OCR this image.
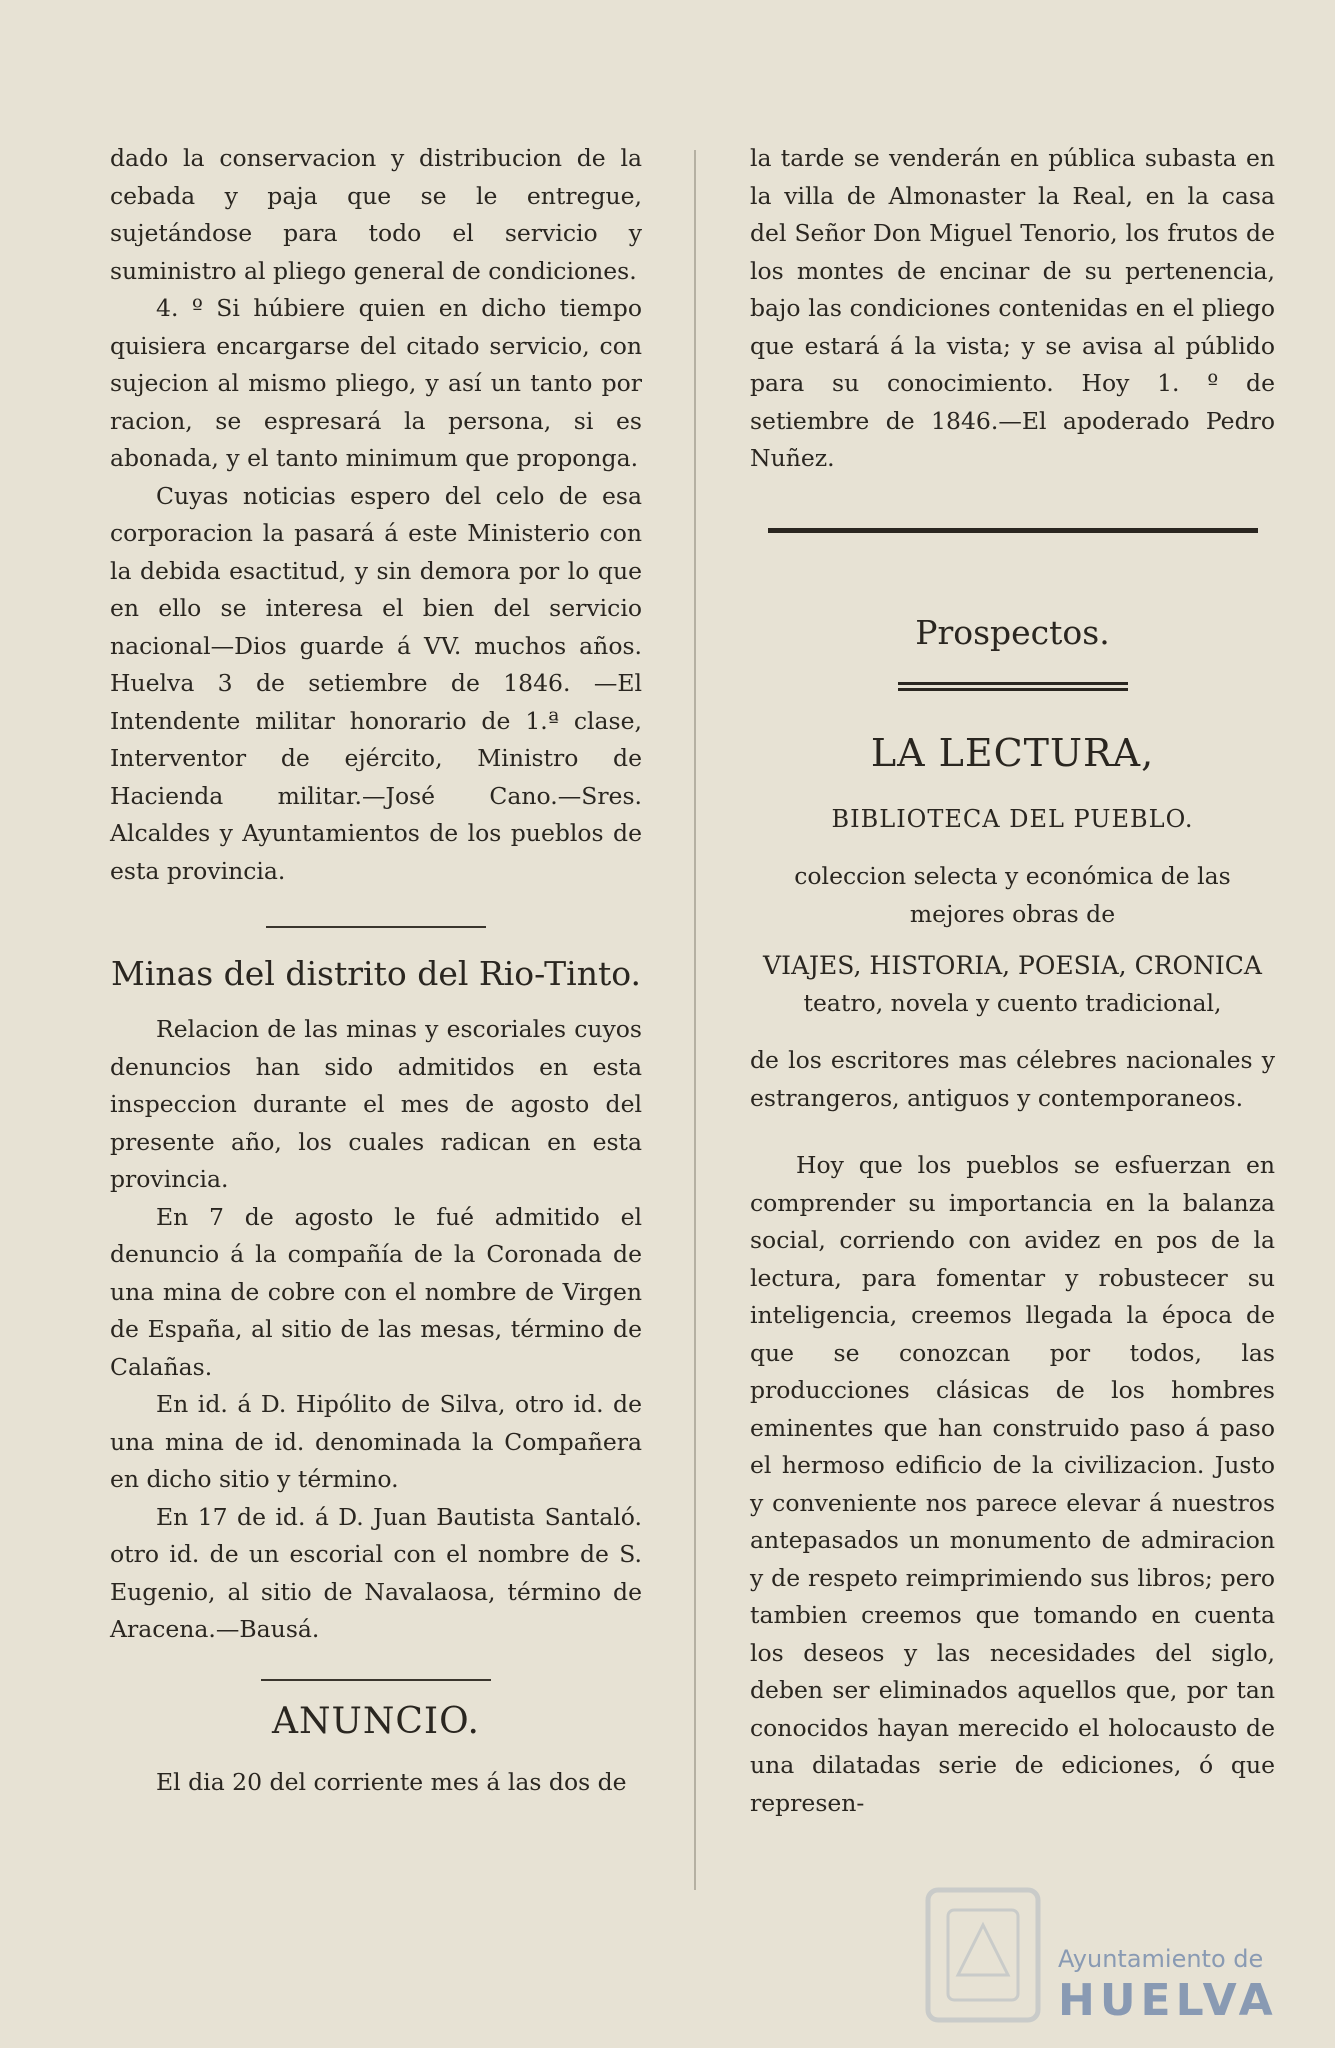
dado la conservacion y distribucion de la cebada y paja que se le entregue, sujetándose para todo el servicio y suministro al pliego general de condiciones.

4. º Si húbiere quien en dicho tiempo quisiera encargarse del citado servicio, con sujecion al mismo pliego, y así un tanto por racion, se espresará la persona, si es abonada, y el tanto minimum que proponga.

Cuyas noticias espero del celo de esa corporacion la pasará á este Ministerio con la debida esactitud, y sin demora por lo que en ello se interesa el bien del servicio nacional—Dios guarde á VV. muchos años. Huelva 3 de setiembre de 1846. —El Intendente militar honorario de 1.ª clase, Interventor de ejército, Ministro de Hacienda militar.—José Cano.—Sres. Alcaldes y Ayuntamientos de los pueblos de esta provincia.

Minas del distrito del Rio-Tinto.

Relacion de las minas y escoriales cuyos denuncios han sido admitidos en esta inspeccion durante el mes de agosto del presente año, los cuales radican en esta provincia.

En 7 de agosto le fué admitido el denuncio á la compañía de la Coronada de una mina de cobre con el nombre de Virgen de España, al sitio de las mesas, término de Calañas.

En id. á D. Hipólito de Silva, otro id. de una mina de id. denominada la Compañera en dicho sitio y término.

En 17 de id. á D. Juan Bautista Santaló. otro id. de un escorial con el nombre de S. Eugenio, al sitio de Navalaosa, término de Aracena.—Bausá.

ANUNCIO.

El dia 20 del corriente mes á las dos de

la tarde se venderán en pública subasta en la villa de Almonaster la Real, en la casa del Señor Don Miguel Tenorio, los frutos de los montes de encinar de su pertenencia, bajo las condiciones contenidas en el pliego que estará á la vista; y se avisa al públido para su conocimiento. Hoy 1. º de setiembre de 1846.—El apoderado Pedro Nuñez.

Prospectos.
LA LECTURA,

BIBLIOTECA DEL PUEBLO.

coleccion selecta y económica de las

mejores obras de

VIAJES, HISTORIA, POESIA, CRONICA

teatro, novela y cuento tradicional,

de los escritores mas célebres nacionales y estrangeros, antiguos y contemporaneos.

Hoy que los pueblos se esfuerzan en comprender su importancia en la balanza social, corriendo con avidez en pos de la lectura, para fomentar y robustecer su inteligencia, creemos llegada la época de que se conozcan por todos, las producciones clásicas de los hombres eminentes que han construido paso á paso el hermoso edificio de la civilizacion. Justo y conveniente nos parece elevar á nuestros antepasados un monumento de admiracion y de respeto reimprimiendo sus libros; pero tambien creemos que tomando en cuenta los deseos y las necesidades del siglo, deben ser eliminados aquellos que, por tan conocidos hayan merecido el holocausto de una dilatadas serie de ediciones, ó que represen-

Ayuntamiento de
HUELVA
